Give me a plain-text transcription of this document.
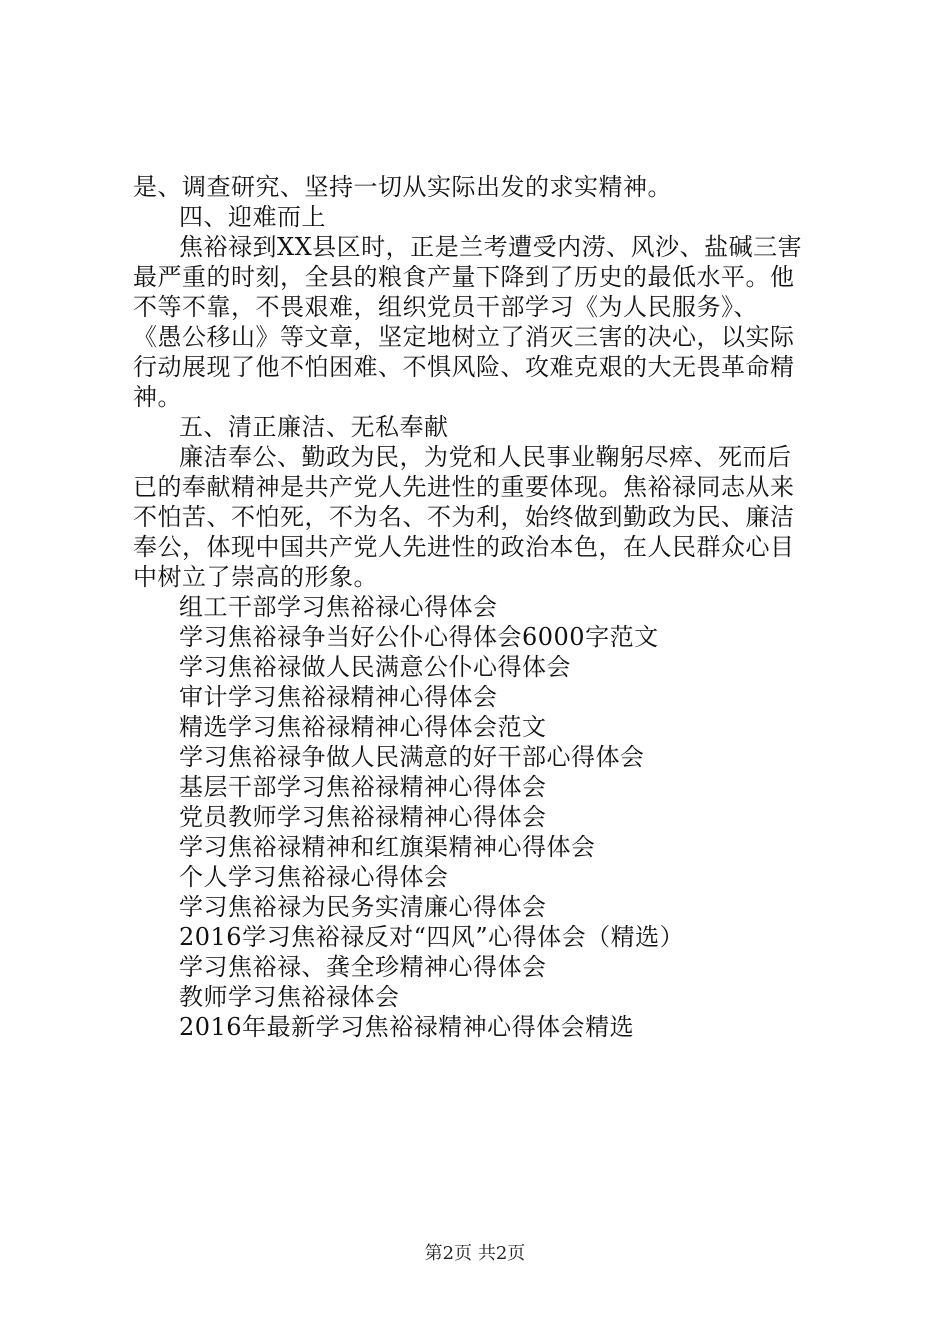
是、调查研究、坚持一切从实际出发的求实精神。
四、迎难而上
焦裕禄到XX县区时，正是兰考遭受内涝、风沙、盐碱三害
最严重的时刻，全县的粮食产量下降到了历史的最低水平。他
不等不靠，不畏艰难，组织党员干部学习《为人民服务》、
《愚公移山》等文章，坚定地树立了消灭三害的决心，以实际
行动展现了他不怕困难、不惧风险、攻难克艰的大无畏革命精
神。
五、清正廉洁、无私奉献
廉洁奉公、勤政为民，为党和人民事业鞠躬尽瘁、死而后
已的奉献精神是共产党人先进性的重要体现。焦裕禄同志从来
不怕苦、不怕死，不为名、不为利，始终做到勤政为民、廉洁
奉公，体现中国共产党人先进性的政治本色，在人民群众心目
中树立了崇高的形象。
组工干部学习焦裕禄心得体会
学习焦裕禄争当好公仆心得体会6000字范文
学习焦裕禄做人民满意公仆心得体会
审计学习焦裕禄精神心得体会
精选学习焦裕禄精神心得体会范文
学习焦裕禄争做人民满意的好干部心得体会
基层干部学习焦裕禄精神心得体会
党员教师学习焦裕禄精神心得体会
学习焦裕禄精神和红旗渠精神心得体会
个人学习焦裕禄心得体会
学习焦裕禄为民务实清廉心得体会
2016学习焦裕禄反对“四风”心得体会（精选）
学习焦裕禄、龚全珍精神心得体会
教师学习焦裕禄体会
2016年最新学习焦裕禄精神心得体会精选
第2页 共2页
